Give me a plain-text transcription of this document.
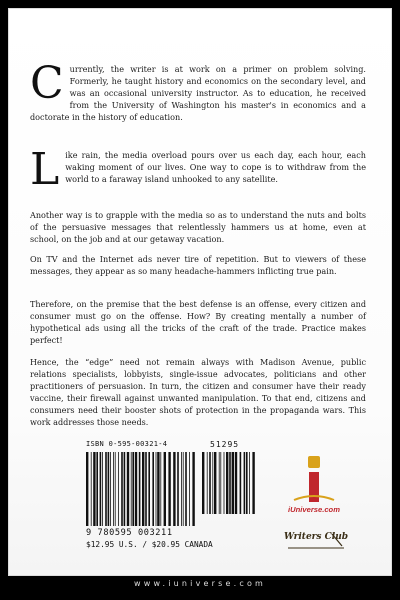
Currently, the writer is at work on a primer on problem solving. Formerly, he taught history and economics on the secondary level, and was an occasional university instructor. As to education, he received from the University of Washington his master's in economics and a doctorate in the history of education.

Like rain, the media overload pours over us each day, each hour, each waking moment of our lives. One way to cope is to withdraw from the world to a faraway island unhooked to any satellite.

Another way is to grapple with the media so as to understand the nuts and bolts of the persuasive messages that relentlessly hammers us at home, even at school, on the job and at our getaway vacation.

On TV and the Internet ads never tire of repetition. But to viewers of these messages, they appear as so many headache-hammers inflicting true pain.

Therefore, on the premise that the best defense is an offense, every citizen and consumer must go on the offense. How? By creating mentally a number of hypothetical ads using all the tricks of the craft of the trade. Practice makes perfect!

Hence, the “edge” need not remain always with Madison Avenue, public relations specialists, lobbyists, single-issue advocates, politicians and other practitioners of persuasion. In turn, the citizen and consumer have their ready vaccine, their firewall against unwanted manipulation. To that end, citizens and consumers need their booster shots of protection in the propaganda wars. This work addresses those needs.

ISBN 0-595-00321-4	51295
9 780595 003211
$12.95 U.S. / $20.95 CANADA
iUniverse.com
Writers Club
www.iuniverse.com
